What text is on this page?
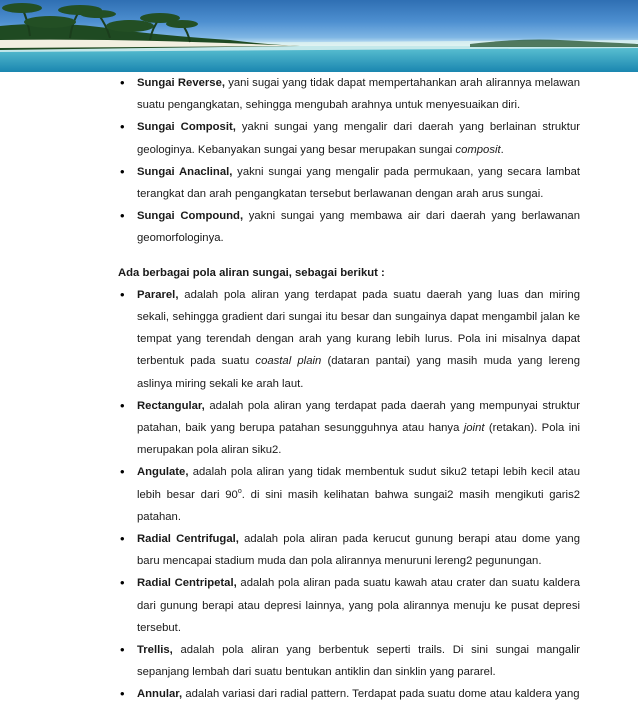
• Sungai Reverse, yani sugai yang tidak dapat mempertahankan arah alirannya melawan suatu pengangkatan, sehingga mengubah arahnya untuk menyesuaikan diri.
• Sungai Composit, yakni sungai yang mengalir dari daerah yang berlainan struktur geologinya. Kebanyakan sungai yang besar merupakan sungai composit.
• Sungai Anaclinal, yakni sungai yang mengalir pada permukaan, yang secara lambat terangkat dan arah pengangkatan tersebut berlawanan dengan arah arus sungai.
• Sungai Compound, yakni sungai yang membawa air dari daerah yang berlawanan geomorfologinya.
Ada berbagai pola aliran sungai, sebagai berikut :
• Pararel, adalah pola aliran yang terdapat pada suatu daerah yang luas dan miring sekali, sehingga gradient dari sungai itu besar dan sungainya dapat mengambil jalan ke tempat yang terendah dengan arah yang kurang lebih lurus. Pola ini misalnya dapat terbentuk pada suatu coastal plain (dataran pantai) yang masih muda yang lereng aslinya miring sekali ke arah laut.
• Rectangular, adalah pola aliran yang terdapat pada daerah yang mempunyai struktur patahan, baik yang berupa patahan sesungguhnya atau hanya joint (retakan). Pola ini merupakan pola aliran siku2.
• Angulate, adalah pola aliran yang tidak membentuk sudut siku2 tetapi lebih kecil atau lebih besar dari 90$^o$. di sini masih kelihatan bahwa sungai2 masih mengikuti garis2 patahan.
• Radial Centrifugal, adalah pola aliran pada kerucut gunung berapi atau dome yang baru mencapai stadium muda dan pola alirannya menuruni lereng2 pegunungan.
• Radial Centripetal, adalah pola aliran pada suatu kawah atau crater dan suatu kaldera dari gunung berapi atau depresi lainnya, yang pola alirannya menuju ke pusat depresi tersebut.
• Trellis, adalah pola aliran yang berbentuk seperti trails. Di sini sungai mangalir sepanjang lembah dari suatu bentukan antiklin dan sinklin yang pararel.
• Annular, adalah variasi dari radial pattern. Terdapat pada suatu dome atau kaldera yang
